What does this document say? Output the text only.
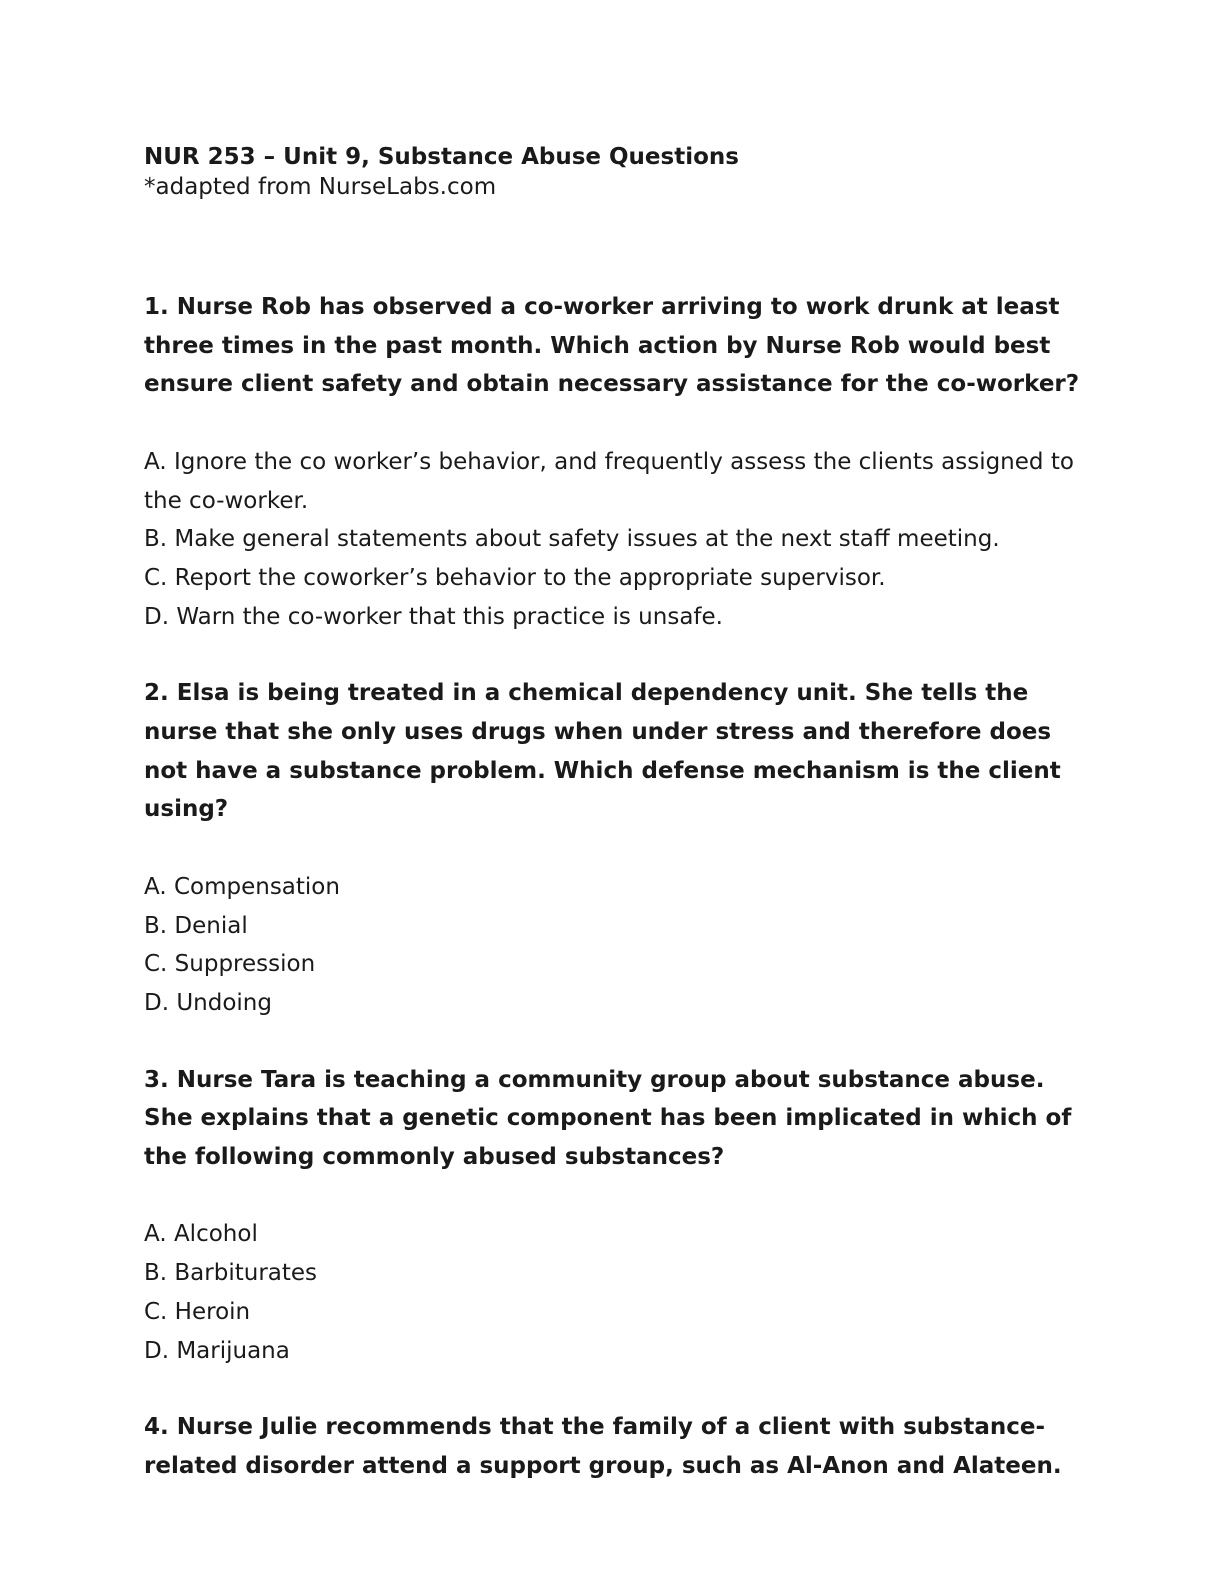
NUR 253 – Unit 9, Substance Abuse Questions

*adapted from NurseLabs.com

1. Nurse Rob has observed a co-worker arriving to work drunk at least three times in the past month. Which action by Nurse Rob would best ensure client safety and obtain necessary assistance for the co-worker?

A. Ignore the co worker’s behavior, and frequently assess the clients assigned to the co-worker.
B. Make general statements about safety issues at the next staff meeting.
C. Report the coworker’s behavior to the appropriate supervisor.
D. Warn the co-worker that this practice is unsafe.

2. Elsa is being treated in a chemical dependency unit. She tells the nurse that she only uses drugs when under stress and therefore does not have a substance problem. Which defense mechanism is the client using?

A. Compensation
B. Denial
C. Suppression
D. Undoing

3. Nurse Tara is teaching a community group about substance abuse. She explains that a genetic component has been implicated in which of the following commonly abused substances?

A. Alcohol
B. Barbiturates
C. Heroin
D. Marijuana

4. Nurse Julie recommends that the family of a client with substance-related disorder attend a support group, such as Al-Anon and Alateen.
